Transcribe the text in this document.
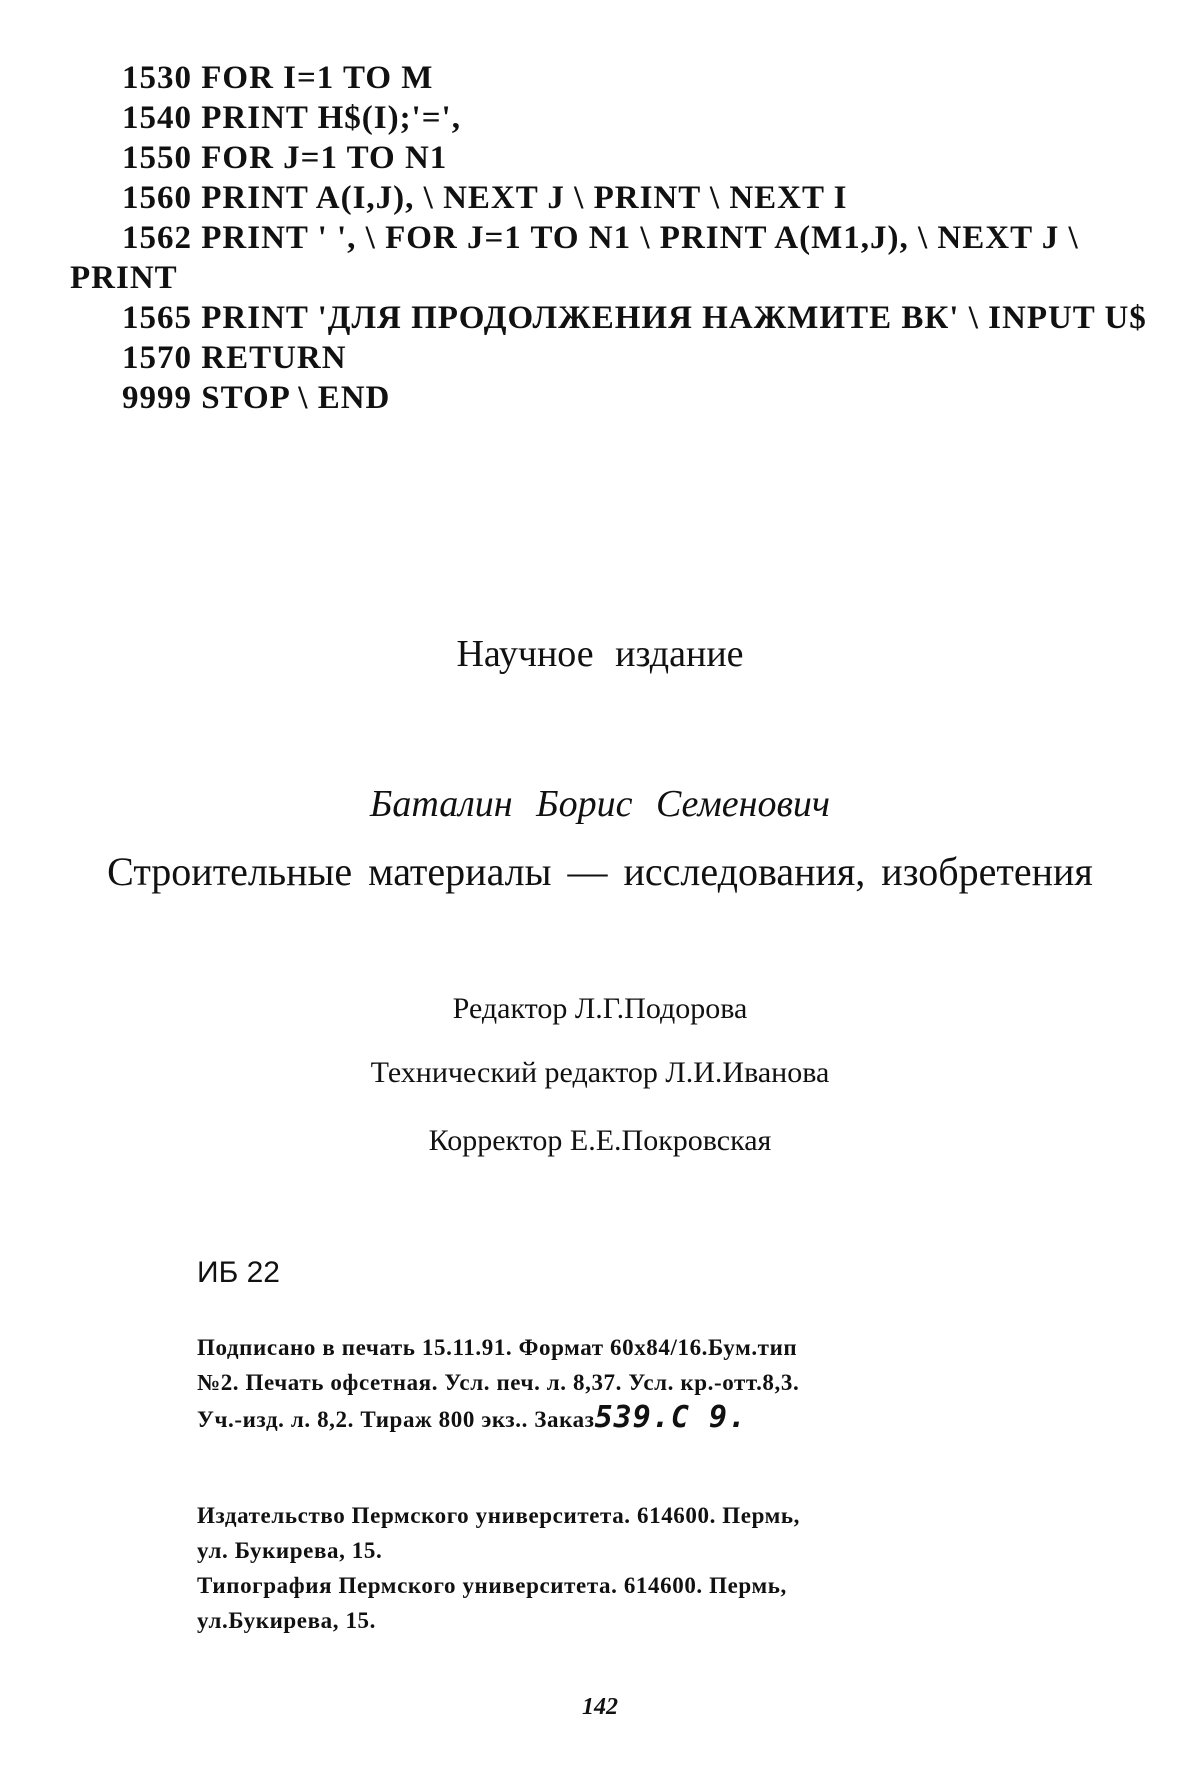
1530 FOR I=1 TO M

1540 PRINT H$(I);'=',

1550 FOR J=1 TO N1

1560 PRINT A(I,J), \ NEXT J \ PRINT \ NEXT I

1562 PRINT ' ', \ FOR J=1 TO N1 \ PRINT A(M1,J), \ NEXT J \ PRINT

1565 PRINT 'ДЛЯ ПРОДОЛЖЕНИЯ НАЖМИТЕ ВК' \ INPUT U$

1570 RETURN

9999 STOP \ END

Научное издание
Баталин Борис Семенович
Строительные материалы — исследования, изобретения
Редактор Л.Г.Подорова
Технический редактор Л.И.Иванова
Корректор Е.Е.Покровская
ИБ 22

Подписано в печать 15.11.91. Формат 60x84/16.Бум.тип

№2. Печать офсетная. Усл. печ. л. 8,37. Усл. кр.-отт.8,3.

Уч.-изд. л. 8,2. Тираж 800 экз.. Заказ539.С 9.

Издательство Пермского университета. 614600. Пермь,

ул. Букирева, 15.

Типография Пермского университета. 614600. Пермь,

ул.Букирева, 15.

142
